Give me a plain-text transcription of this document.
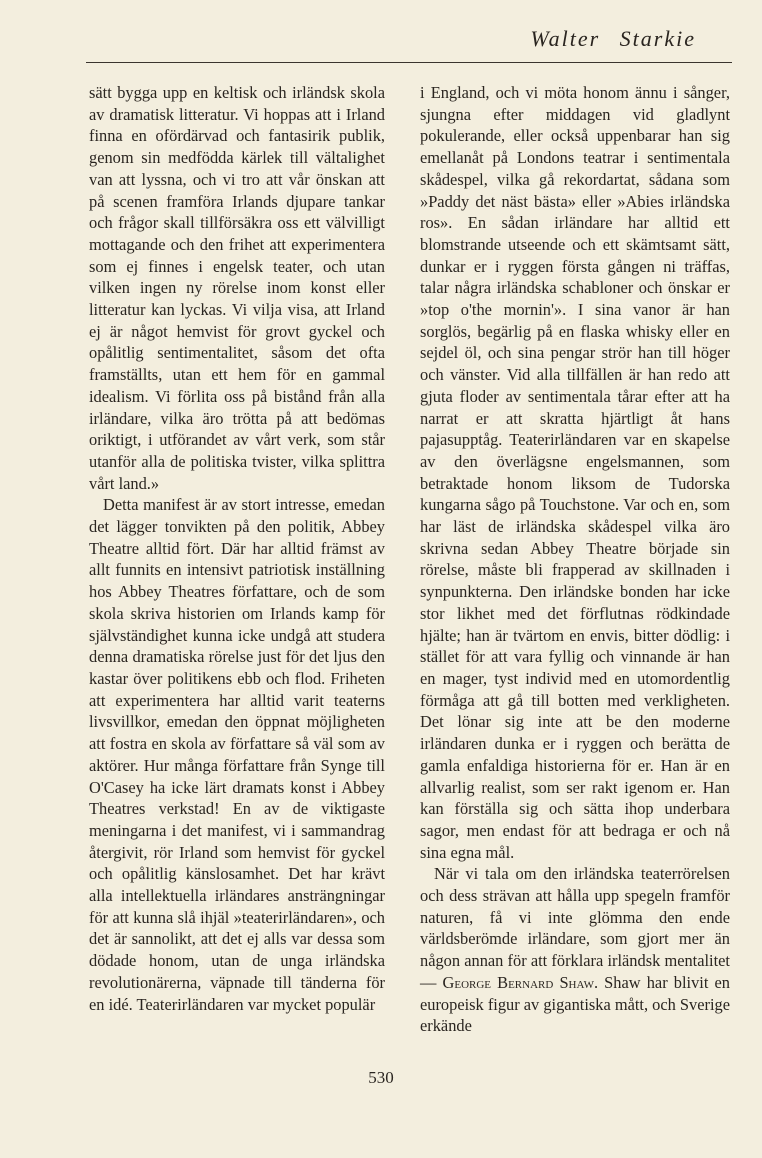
Walter Starkie

sätt bygga upp en keltisk och irländsk skola av dramatisk litteratur. Vi hoppas att i Irland finna en ofördärvad och fantasirik publik, genom sin medfödda kärlek till vältalighet van att lyssna, och vi tro att vår önskan att på scenen framföra Irlands djupare tankar och frågor skall tillförsäkra oss ett välvilligt mottagande och den frihet att experimentera som ej finnes i engelsk teater, och utan vilken ingen ny rörelse inom konst eller litteratur kan lyckas. Vi vilja visa, att Irland ej är något hemvist för grovt gyckel och opålitlig sentimentalitet, såsom det ofta framställts, utan ett hem för en gammal idealism. Vi förlita oss på bistånd från alla irländare, vilka äro trötta på att bedömas oriktigt, i utförandet av vårt verk, som står utanför alla de politiska tvister, vilka splittra vårt land.»

Detta manifest är av stort intresse, emedan det lägger tonvikten på den politik, Abbey Theatre alltid fört. Där har alltid främst av allt funnits en intensivt patriotisk inställning hos Abbey Theatres författare, och de som skola skriva historien om Irlands kamp för självständighet kunna icke undgå att studera denna dramatiska rörelse just för det ljus den kastar över politikens ebb och flod. Friheten att experimentera har alltid varit teaterns livsvillkor, emedan den öppnat möjligheten att fostra en skola av författare så väl som av aktörer. Hur många författare från Synge till O'Casey ha icke lärt dramats konst i Abbey Theatres verkstad! En av de viktigaste meningarna i det manifest, vi i sammandrag återgivit, rör Irland som hemvist för gyckel och opålitlig känslosamhet. Det har krävt alla intellektuella irländares ansträngningar för att kunna slå ihjäl »teaterirländaren», och det är sannolikt, att det ej alls var dessa som dödade honom, utan de unga irländska revolutionärerna, väpnade till tänderna för en idé. Teaterirländaren var mycket populär

i England, och vi möta honom ännu i sånger, sjungna efter middagen vid gladlynt pokulerande, eller också uppenbarar han sig emellanåt på Londons teatrar i sentimentala skådespel, vilka gå rekordartat, sådana som »Paddy det näst bästa» eller »Abies irländska ros». En sådan irländare har alltid ett blomstrande utseende och ett skämtsamt sätt, dunkar er i ryggen första gången ni träffas, talar några irländska schabloner och önskar er »top o'the mornin'». I sina vanor är han sorglös, begärlig på en flaska whisky eller en sejdel öl, och sina pengar strör han till höger och vänster. Vid alla tillfällen är han redo att gjuta floder av sentimentala tårar efter att ha narrat er att skratta hjärtligt åt hans pajasupptåg. Teaterirländaren var en skapelse av den överlägsne engelsmannen, som betraktade honom liksom de Tudorska kungarna sågo på Touchstone. Var och en, som har läst de irländska skådespel vilka äro skrivna sedan Abbey Theatre började sin rörelse, måste bli frapperad av skillnaden i synpunkterna. Den irländske bonden har icke stor likhet med det förflutnas rödkindade hjälte; han är tvärtom en envis, bitter dödlig: i stället för att vara fyllig och vinnande är han en mager, tyst individ med en utomordentlig förmåga att gå till botten med verkligheten. Det lönar sig inte att be den moderne irländaren dunka er i ryggen och berätta de gamla enfaldiga historierna för er. Han är en allvarlig realist, som ser rakt igenom er. Han kan förställa sig och sätta ihop underbara sagor, men endast för att bedraga er och nå sina egna mål.

När vi tala om den irländska teaterrörelsen och dess strävan att hålla upp spegeln framför naturen, få vi inte glömma den ende världsberömde irländare, som gjort mer än någon annan för att förklara irländsk mentalitet — George Bernard Shaw. Shaw har blivit en europeisk figur av gigantiska mått, och Sverige erkände

530
